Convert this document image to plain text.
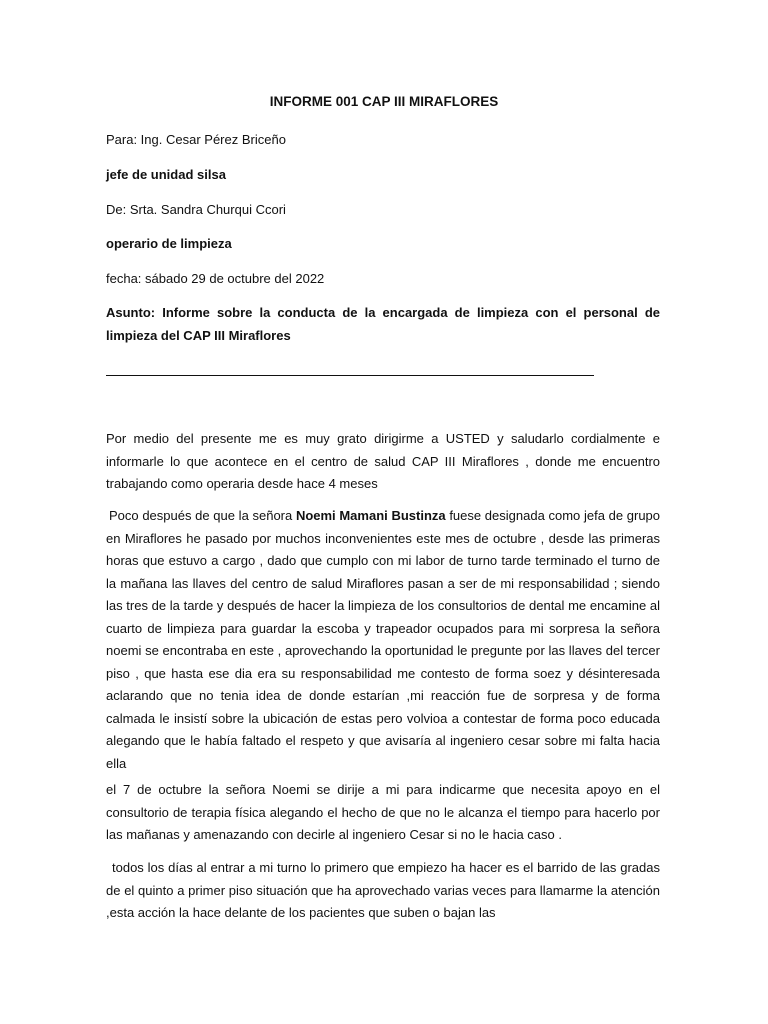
INFORME 001 CAP III MIRAFLORES

Para: Ing. Cesar Pérez Briceño

jefe de unidad silsa

De: Srta. Sandra Churqui Ccori

operario de limpieza

fecha: sábado 29 de octubre del 2022

Asunto: Informe sobre la conducta de la encargada de limpieza con el personal de limpieza del CAP III Miraflores

Por medio del presente me es muy grato dirigirme a USTED y saludarlo cordialmente e informarle lo que acontece en el centro de salud CAP III Miraflores , donde me encuentro trabajando como operaria desde hace 4 meses

Poco después de que la señora Noemi Mamani Bustinza fuese designada como jefa de grupo en Miraflores he pasado por muchos inconvenientes este mes de octubre , desde las primeras horas que estuvo a cargo , dado que cumplo con mi labor de turno tarde terminado el turno de la mañana las llaves del centro de salud Miraflores pasan a ser de mi responsabilidad ; siendo las tres de la tarde y después de hacer la limpieza de los consultorios de dental me encamine al cuarto de limpieza para guardar la escoba y trapeador ocupados para mi sorpresa la señora noemi se encontraba en este , aprovechando la oportunidad le pregunte por las llaves del tercer piso , que hasta ese dia era su responsabilidad me contesto de forma soez y désinteresada aclarando que no tenia idea de donde estarían ,mi reacción fue de sorpresa y de forma calmada le insistí sobre la ubicación de estas pero volvioa a contestar de forma poco educada alegando que le había faltado el respeto y que avisaría al ingeniero cesar sobre mi falta hacia ella

el 7 de octubre la señora Noemi se dirije a mi para indicarme que necesita apoyo en el consultorio de terapia física alegando el hecho de que no le alcanza el tiempo para hacerlo por las mañanas y amenazando con decirle al ingeniero Cesar si no le hacia caso .

todos los días al entrar a mi turno lo primero que empiezo ha hacer es el barrido de las gradas de el quinto a primer piso situación que ha aprovechado varias veces para llamarme la atención ,esta acción la hace delante de los pacientes que suben o bajan las
